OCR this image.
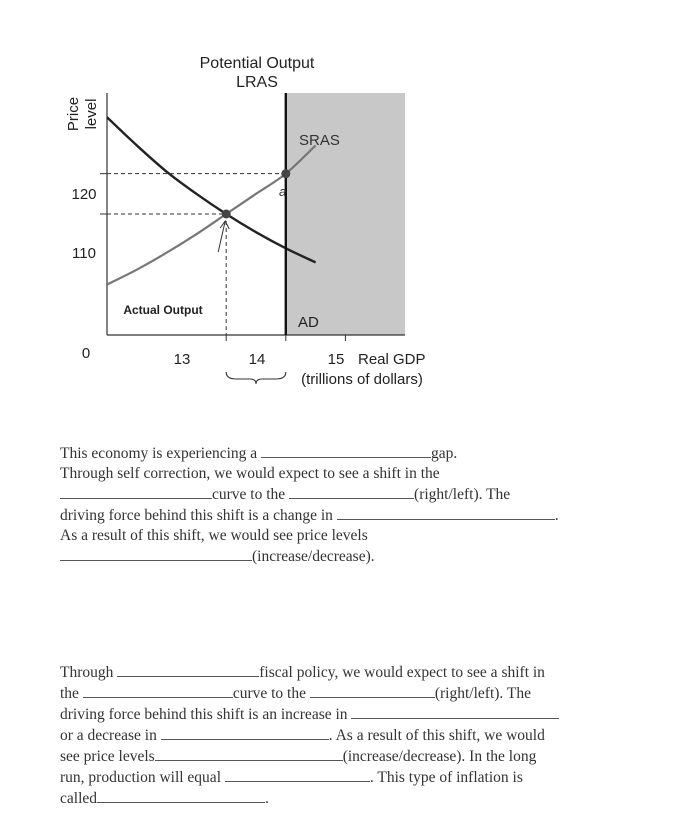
Potential Output
LRAS
Price level
120
110
0	13	14	15 Real GDP
(trillions of dollars)
SRAS
AD
a
Actual Output
This economy is experiencing a	gap.
Through self correction, we would expect to see a shift in the
curve to the	(right/left). The
driving force behind this shift is a change in	.
As a result of this shift, we would see price levels
(increase/decrease).
Through	fiscal policy, we would expect to see a shift in
the	curve to the	(right/left). The
driving force behind this shift is an increase in
or a decrease in	. As a result of this shift, we would
see price levels	(increase/decrease). In the long
run, production will equal	. This type of inflation is
called	.
